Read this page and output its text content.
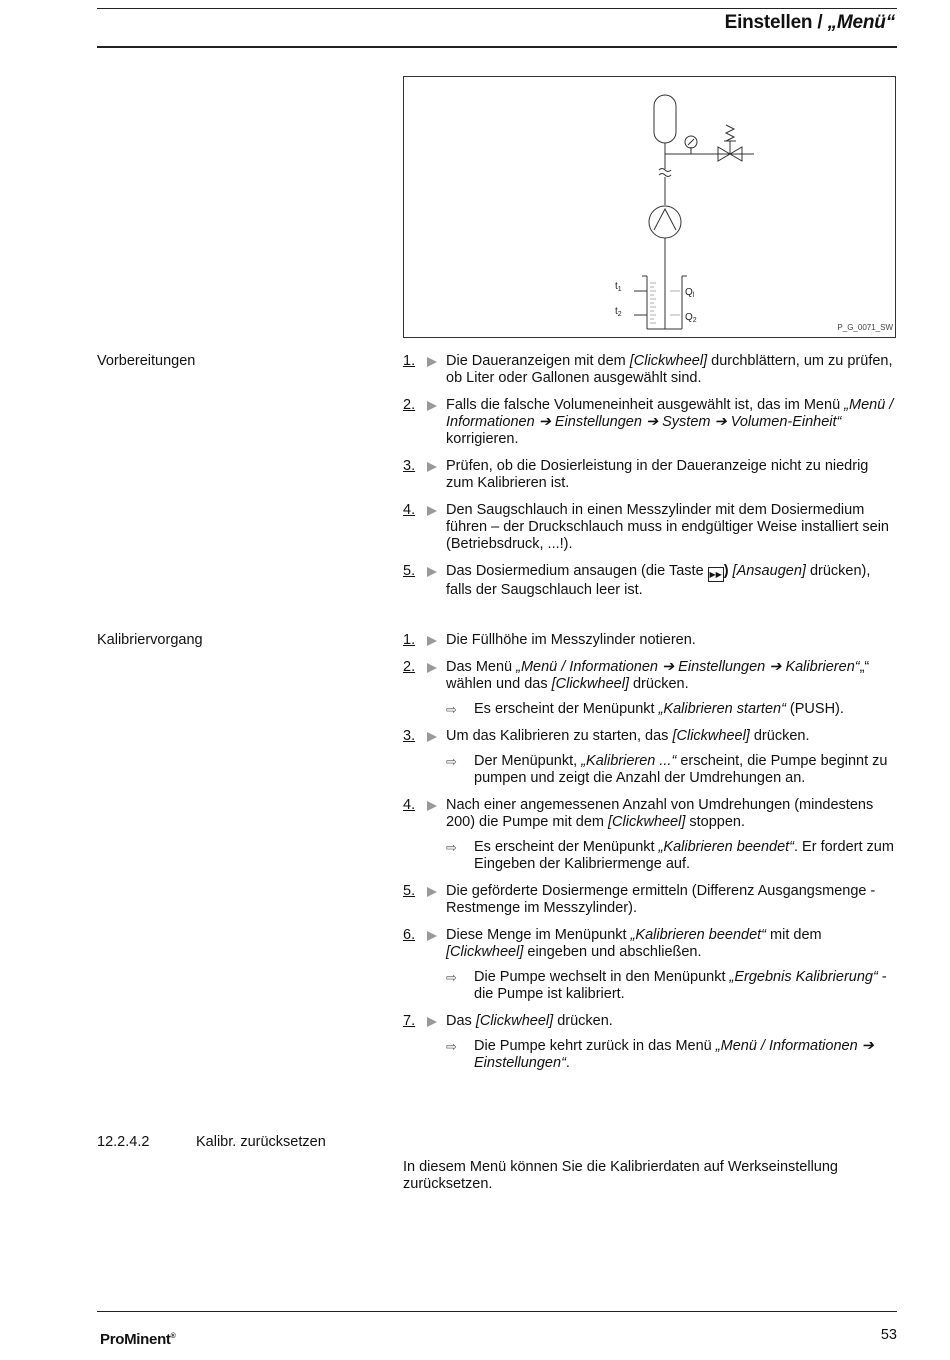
Einstellen / „Menü“
$t_1$
$t_2$
$Q_l$
$Q_2$
P_G_0071_SW
Vorbereitungen	1. Die Daueranzeigen mit dem [Clickwheel] durchblättern, um zu prüfen, ob Liter oder Gallonen ausgewählt sind.
2. Falls die falsche Volumeneinheit ausgewählt ist, das im Menü „Menü / Informationen ➔ Einstellungen ➔ System ➔ Volumen-Einheit“ korrigieren.
3. Prüfen, ob die Dosierleistung in der Daueranzeige nicht zu niedrig zum Kalibrieren ist.
4. Den Saugschlauch in einen Messzylinder mit dem Dosiermedium führen – der Druckschlauch muss in endgültiger Weise installiert sein (Betriebsdruck, ...!).
5. Das Dosiermedium ansaugen (die Taste ▶▶ ) [Ansaugen] drücken), falls der Saugschlauch leer ist.
Kalibriervorgang	1. Die Füllhöhe im Messzylinder notieren.
2. Das Menü „Menü / Informationen ➔ Einstellungen ➔ Kalibrieren“„“ wählen und das [Clickwheel] drücken.
⇨ Es erscheint der Menüpunkt „Kalibrieren starten“ (PUSH).
3. Um das Kalibrieren zu starten, das [Clickwheel] drücken.
⇨ Der Menüpunkt, „Kalibrieren ...“ erscheint, die Pumpe beginnt zu pumpen und zeigt die Anzahl der Umdrehungen an.
4. Nach einer angemessenen Anzahl von Umdrehungen (mindestens 200) die Pumpe mit dem [Clickwheel] stoppen.
⇨ Es erscheint der Menüpunkt „Kalibrieren beendet“. Er fordert zum Eingeben der Kalibriermenge auf.
5. Die geförderte Dosiermenge ermitteln (Differenz Ausgangsmenge - Restmenge im Messzylinder).
6. Diese Menge im Menüpunkt „Kalibrieren beendet“ mit dem [Clickwheel] eingeben und abschließen.
⇨ Die Pumpe wechselt in den Menüpunkt „Ergebnis Kalibrierung“ - die Pumpe ist kalibriert.
7. Das [Clickwheel] drücken.
⇨ Die Pumpe kehrt zurück in das Menü „Menü / Informationen ➔ Einstellungen“.
12.2.4.2	Kalibr. zurücksetzen
In diesem Menü können Sie die Kalibrierdaten auf Werkseinstellung zurücksetzen.
ProMinent®	53
